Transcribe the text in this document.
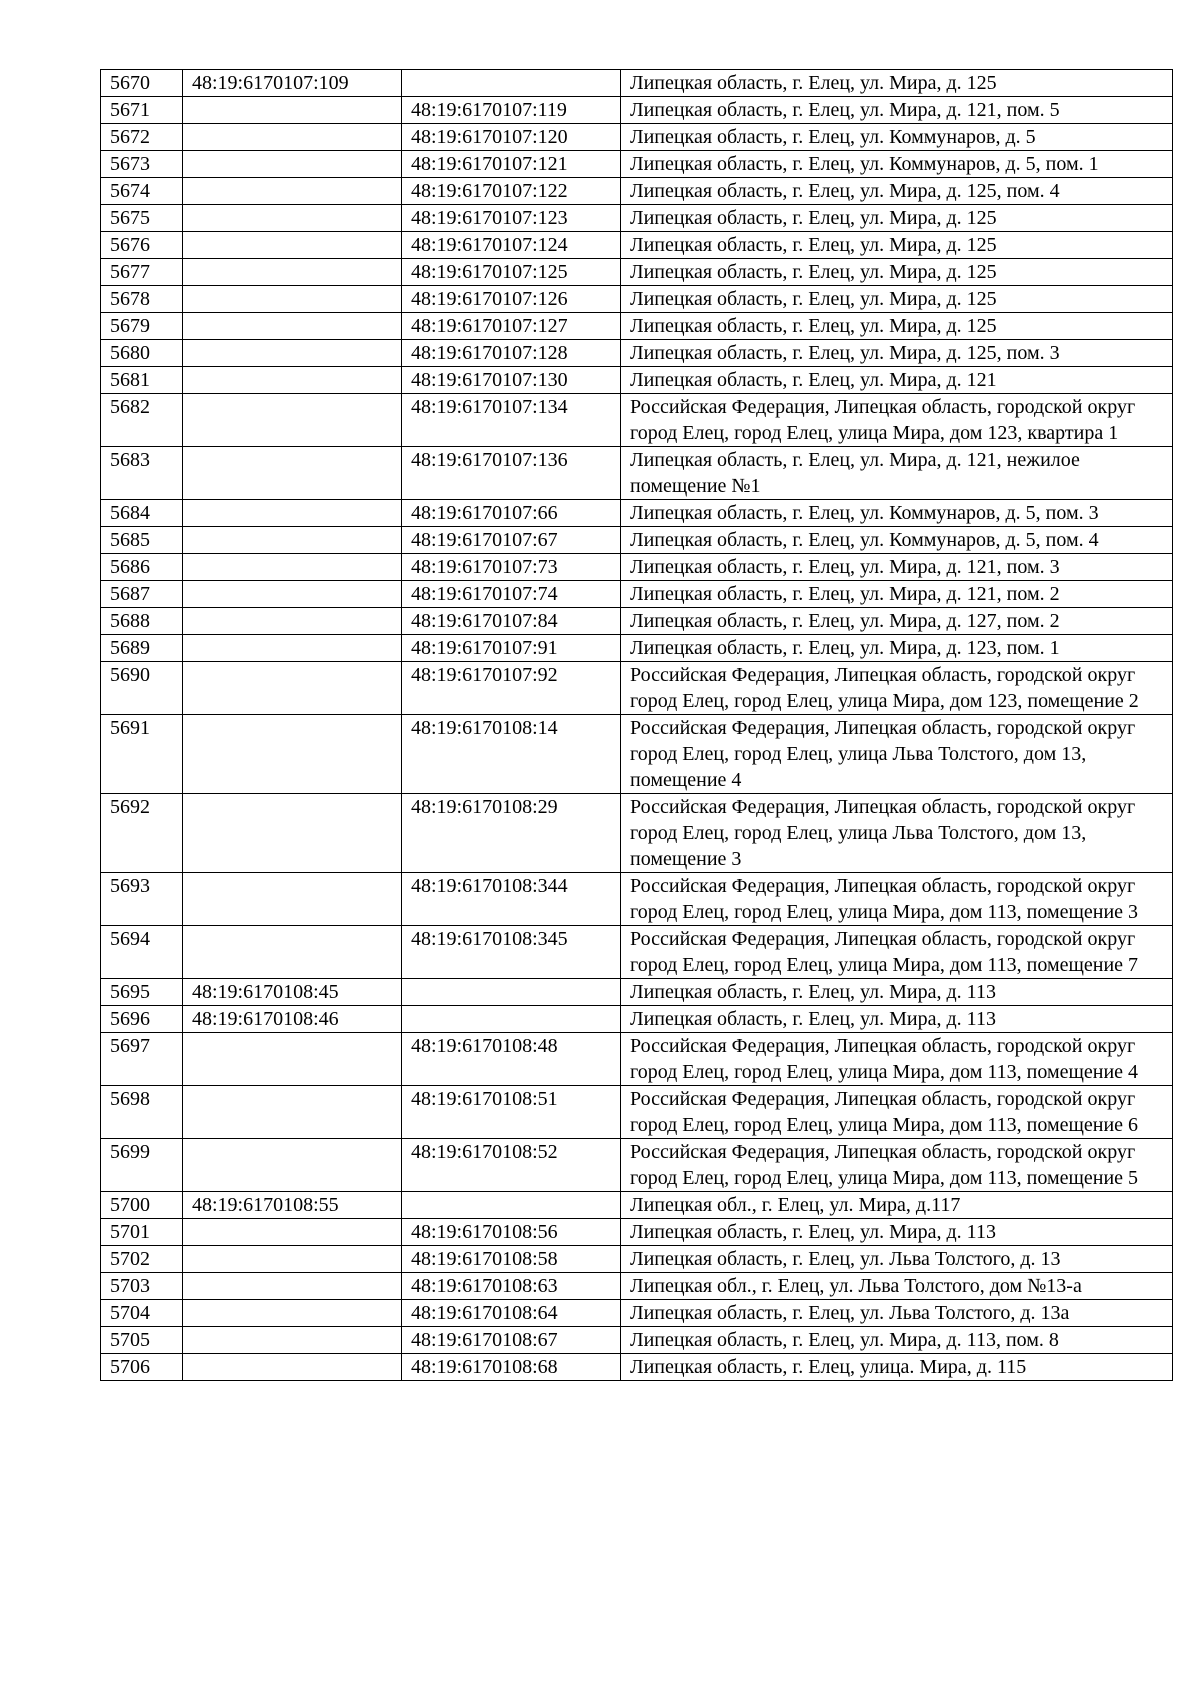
5670	48:19:6170107:109		Липецкая область, г. Елец, ул. Мира, д. 125
5671		48:19:6170107:119	Липецкая область, г. Елец, ул. Мира, д. 121, пом. 5
5672		48:19:6170107:120	Липецкая область, г. Елец, ул. Коммунаров, д. 5
5673		48:19:6170107:121	Липецкая область, г. Елец, ул. Коммунаров, д. 5, пом. 1
5674		48:19:6170107:122	Липецкая область, г. Елец, ул. Мира, д. 125, пом. 4
5675		48:19:6170107:123	Липецкая область, г. Елец, ул. Мира, д. 125
5676		48:19:6170107:124	Липецкая область, г. Елец, ул. Мира, д. 125
5677		48:19:6170107:125	Липецкая область, г. Елец, ул. Мира, д. 125
5678		48:19:6170107:126	Липецкая область, г. Елец, ул. Мира, д. 125
5679		48:19:6170107:127	Липецкая область, г. Елец, ул. Мира, д. 125
5680		48:19:6170107:128	Липецкая область, г. Елец, ул. Мира, д. 125, пом. 3
5681		48:19:6170107:130	Липецкая область, г. Елец, ул. Мира, д. 121
5682		48:19:6170107:134	Российская Федерация, Липецкая область, городской округ город Елец, город Елец, улица Мира, дом 123, квартира 1
5683		48:19:6170107:136	Липецкая область, г. Елец, ул. Мира, д. 121, нежилое помещение №1
5684		48:19:6170107:66	Липецкая область, г. Елец, ул. Коммунаров, д. 5, пом. 3
5685		48:19:6170107:67	Липецкая область, г. Елец, ул. Коммунаров, д. 5, пом. 4
5686		48:19:6170107:73	Липецкая область, г. Елец, ул. Мира, д. 121, пом. 3
5687		48:19:6170107:74	Липецкая область, г. Елец, ул. Мира, д. 121, пом. 2
5688		48:19:6170107:84	Липецкая область, г. Елец, ул. Мира, д. 127, пом. 2
5689		48:19:6170107:91	Липецкая область, г. Елец, ул. Мира, д. 123, пом. 1
5690		48:19:6170107:92	Российская Федерация, Липецкая область, городской округ город Елец, город Елец, улица Мира, дом 123, помещение 2
5691		48:19:6170108:14	Российская Федерация, Липецкая область, городской округ город Елец, город Елец, улица Льва Толстого, дом 13, помещение 4
5692		48:19:6170108:29	Российская Федерация, Липецкая область, городской округ город Елец, город Елец, улица Льва Толстого, дом 13, помещение 3
5693		48:19:6170108:344	Российская Федерация, Липецкая область, городской округ город Елец, город Елец, улица Мира, дом 113, помещение 3
5694		48:19:6170108:345	Российская Федерация, Липецкая область, городской округ город Елец, город Елец, улица Мира, дом 113, помещение 7
5695	48:19:6170108:45		Липецкая область, г. Елец, ул. Мира, д. 113
5696	48:19:6170108:46		Липецкая область, г. Елец, ул. Мира, д. 113
5697		48:19:6170108:48	Российская Федерация, Липецкая область, городской округ город Елец, город Елец, улица Мира, дом 113, помещение 4
5698		48:19:6170108:51	Российская Федерация, Липецкая область, городской округ город Елец, город Елец, улица Мира, дом 113, помещение 6
5699		48:19:6170108:52	Российская Федерация, Липецкая область, городской округ город Елец, город Елец, улица Мира, дом 113, помещение 5
5700	48:19:6170108:55		Липецкая обл., г. Елец, ул. Мира, д.117
5701		48:19:6170108:56	Липецкая область, г. Елец, ул. Мира, д. 113
5702		48:19:6170108:58	Липецкая область, г. Елец, ул. Льва Толстого, д. 13
5703		48:19:6170108:63	Липецкая обл., г. Елец, ул. Льва Толстого, дом №13-а
5704		48:19:6170108:64	Липецкая область, г. Елец, ул. Льва Толстого, д. 13а
5705		48:19:6170108:67	Липецкая область, г. Елец, ул. Мира, д. 113, пом. 8
5706		48:19:6170108:68	Липецкая область, г. Елец, улица. Мира, д. 115
